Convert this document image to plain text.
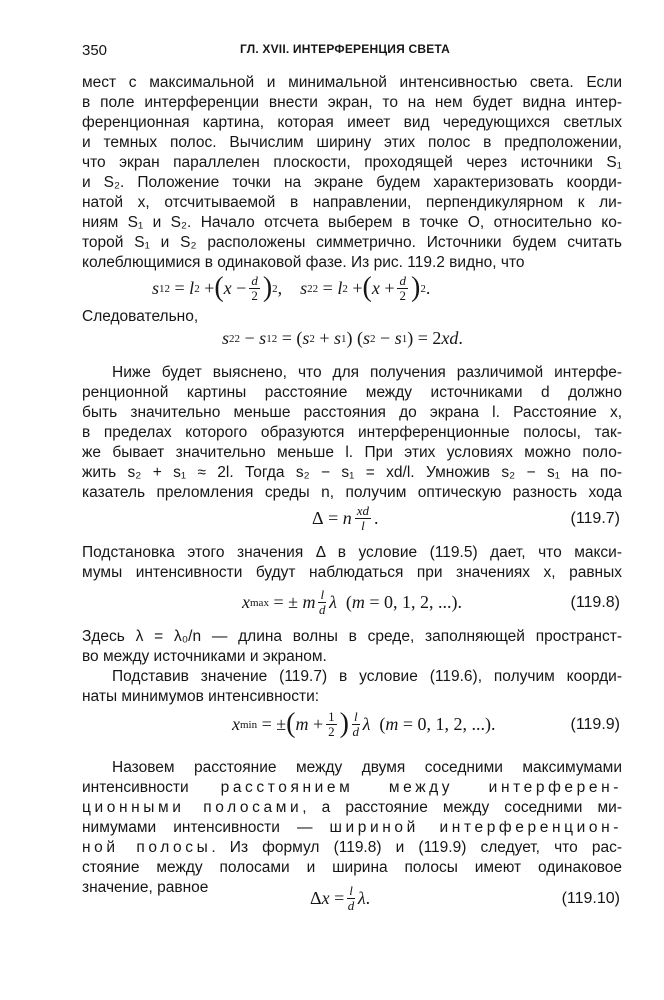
350	ГЛ. XVII. ИНТЕРФЕРЕНЦИЯ СВЕТА

мест с максимальной и минимальной интенсивностью света. Если

в поле интерференции внести экран, то на нем будет видна интер-

ференционная картина, которая имеет вид чередующихся светлых

и темных полос. Вычислим ширину этих полос в предположении,

что экран параллелен плоскости, проходящей через источники S₁

и S₂. Положение точки на экране будем характеризовать коорди-

натой x, отсчитываемой в направлении, перпендикулярном к ли-

ниям S₁ и S₂. Начало отсчета выберем в точке O, относительно ко-

торой S₁ и S₂ расположены симметрично. Источники будем считать

колеблющимися в одинаковой фазе. Из рис. 119.2 видно, что

s 1 2 = l 2 + ( $x - \frac{d}{2}$ ) 2 , s 2 2 = l 2 + ( $x + \frac{d}{2}$ ) 2 .

Следовательно,

s 2 2 − s 1 2 = ( s 2 + s 1 ) ( s 2 − s 1 ) = 2 xd .

Ниже будет выяснено, что для получения различимой интерфе-

ренционной картины расстояние между источниками d должно

быть значительно меньше расстояния до экрана l. Расстояние x,

в пределах которого образуются интерференционные полосы, так-

же бывает значительно меньше l. При этих условиях можно поло-

жить s₂ + s₁ ≈ 2l. Тогда s₂ − s₁ = xd/l. Умножив s₂ − s₁ на по-

казатель преломления среды n, получим оптическую разность хода

Δ = n $\frac{xd}{l}$ .	(119.7)

Подстановка этого значения Δ в условие (119.5) дает, что макси-

мумы интенсивности будут наблюдаться при значениях x, равных

x max = ± m $\frac{l}{d}$ λ ( m = 0, 1, 2, ...).	(119.8)

Здесь λ = λ₀/n — длина волны в среде, заполняющей пространст-

во между источниками и экраном.

Подставив значение (119.7) в условие (119.6), получим коорди-

наты минимумов интенсивности:

x min = ± ( $m + \frac{1}{2}$ ) $\frac{l}{d}$ λ ( m = 0, 1, 2, ...).	(119.9)

Назовем расстояние между двумя соседними максимумами

интенсивности расстоянием между интерферен-

ционными полосами, а расстояние между соседними ми-

нимумами интенсивности — шириной интерференцион-

ной полосы. Из формул (119.8) и (119.9) следует, что рас-

стояние между полосами и ширина полосы имеют одинаковое

значение, равное

Δ $x = \frac{l}{d}$ λ .	(119.10)
